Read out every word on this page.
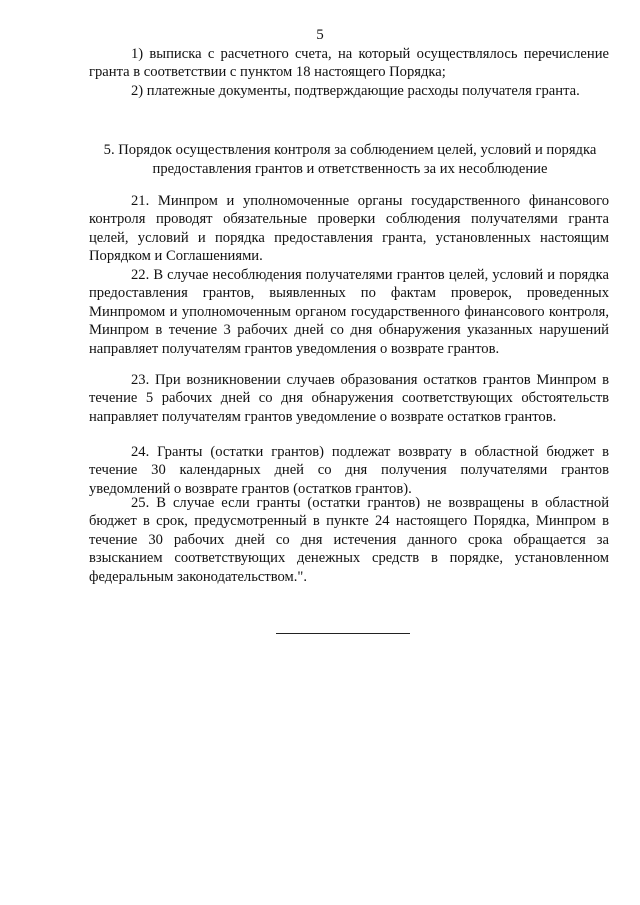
5

1) выписка с расчетного счета, на который осуществлялось перечисление гранта в соответствии с пунктом 18 настоящего Порядка;

2) платежные документы, подтверждающие расходы получателя гранта.

5. Порядок осуществления контроля за соблюдением целей, условий и порядка предоставления грантов и ответственность за их несоблюдение

21. Минпром и уполномоченные органы государственного финансового контроля проводят обязательные проверки соблюдения получателями гранта целей, условий и порядка предоставления гранта, установленных настоящим Порядком и Соглашениями.

22. В случае несоблюдения получателями грантов целей, условий и порядка предоставления грантов, выявленных по фактам проверок, проведенных Минпромом и уполномоченным органом государственного финансового контроля, Минпром в течение 3 рабочих дней со дня обнаружения указанных нарушений направляет получателям грантов уведомления о возврате грантов.

23. При возникновении случаев образования остатков грантов Минпром в течение 5 рабочих дней со дня обнаружения соответствующих обстоятельств направляет получателям грантов уведомление о возврате остатков грантов.

24. Гранты (остатки грантов) подлежат возврату в областной бюджет в течение 30 календарных дней со дня получения получателями грантов уведомлений о возврате грантов (остатков грантов).

25. В случае если гранты (остатки грантов) не возвращены в областной бюджет в срок, предусмотренный в пункте 24 настоящего Порядка, Минпром в течение 30 рабочих дней со дня истечения данного срока обращается за взысканием соответствующих денежных средств в порядке, установленном федеральным законодательством.".
